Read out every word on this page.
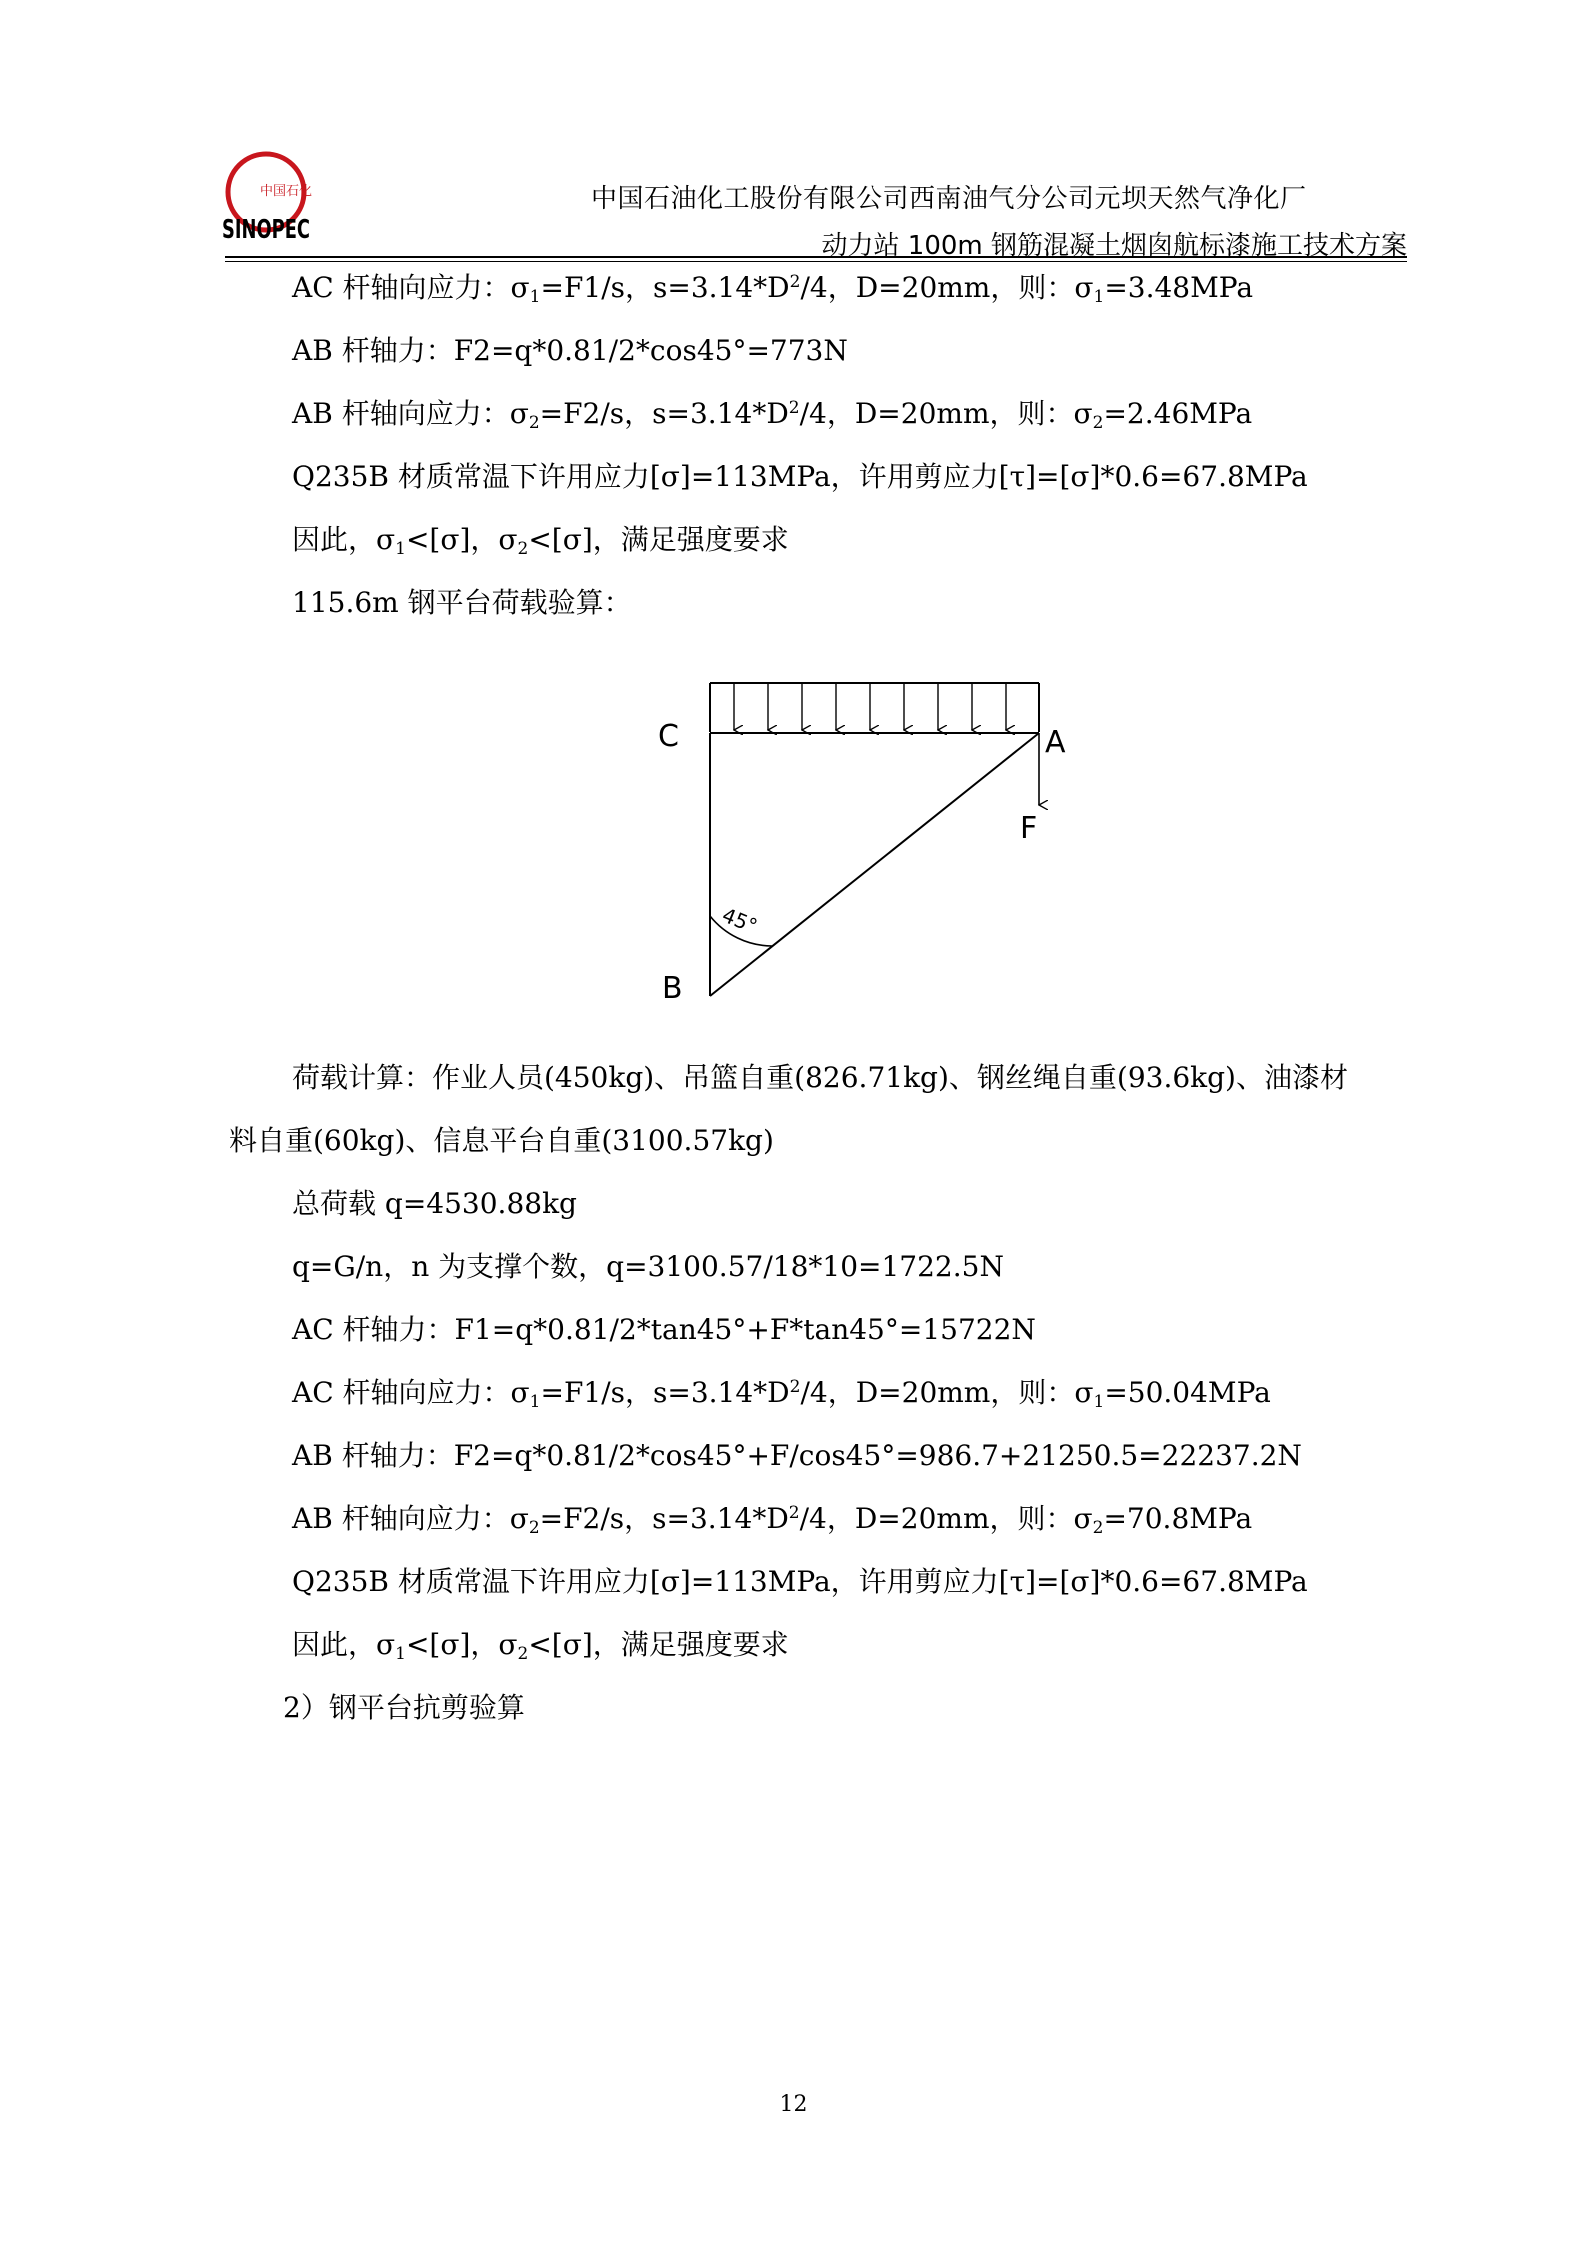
中国石化
SINOPEC
中国石油化工股份有限公司西南油气分公司元坝天然气净化厂
动力站 100m 钢筋混凝土烟囱航标漆施工技术方案
AC 杆轴向应力：$\sigma_1=F1/s$，$s=3.14*D^2/4$，D=20mm，则：$\sigma_1=3.48MPa$
AB 杆轴力：F2=q*0.81/2*cos45°=773N
AB 杆轴向应力：$\sigma_2=F2/s$，$s=3.14*D^2/4$，D=20mm，则：$\sigma_2=2.46MPa$
Q235B 材质常温下许用应力[σ]=113MPa，许用剪应力[τ]=[σ]*0.6=67.8MPa
因此，$\sigma_1<[\sigma]$，$\sigma_2<[\sigma]$，满足强度要求
115.6m 钢平台荷载验算：
C	A
F
B
45°
荷载计算：作业人员(450kg)、吊篮自重(826.71kg)、钢丝绳自重(93.6kg)、油漆材
料自重(60kg)、信息平台自重(3100.57kg)
总荷载 q=4530.88kg
q=G/n，n 为支撑个数，q=3100.57/18*10=1722.5N
AC 杆轴力：F1=q*0.81/2*tan45°+F*tan45°=15722N
AC 杆轴向应力：$\sigma_1=F1/s$，$s=3.14*D^2/4$，D=20mm，则：$\sigma_1=50.04MPa$
AB 杆轴力：F2=q*0.81/2*cos45°+F/cos45°=986.7+21250.5=22237.2N
AB 杆轴向应力：$\sigma_2=F2/s$，$s=3.14*D^2/4$，D=20mm，则：$\sigma_2=70.8MPa$
Q235B 材质常温下许用应力[σ]=113MPa，许用剪应力[τ]=[σ]*0.6=67.8MPa
因此，$\sigma_1<[\sigma]$，$\sigma_2<[\sigma]$，满足强度要求
2）钢平台抗剪验算
12
